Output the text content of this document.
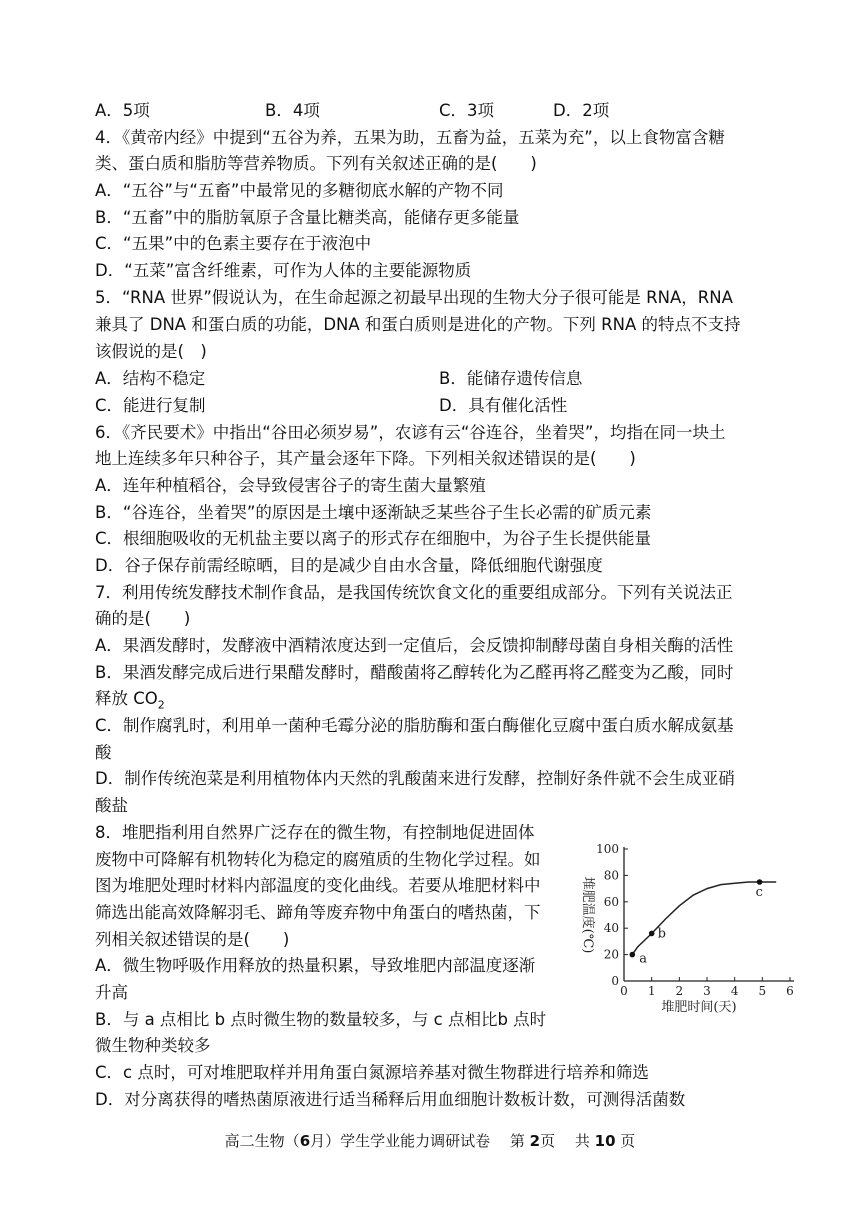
A．5项	B．4项	C．3项	D．2项
4．《黄帝内经》中提到“五谷为养，五果为助，五畜为益，五菜为充”，以上食物富含糖
类、蛋白质和脂肪等营养物质。下列有关叙述正确的是(　　)
A．“五谷”与“五畜”中最常见的多糖彻底水解的产物不同
B．“五畜”中的脂肪氧原子含量比糖类高，能储存更多能量
C．“五果”中的色素主要存在于液泡中
D．“五菜”富含纤维素，可作为人体的主要能源物质
5．“RNA 世界”假说认为，在生命起源之初最早出现的生物大分子很可能是 RNA，RNA
兼具了 DNA 和蛋白质的功能，DNA 和蛋白质则是进化的产物。下列 RNA 的特点不支持
该假说的是(　)
A．结构不稳定	B．能储存遗传信息
C．能进行复制	D．具有催化活性
6．《齐民要术》中指出“谷田必须岁易”，农谚有云“谷连谷，坐着哭”，均指在同一块土
地上连续多年只种谷子，其产量会逐年下降。下列相关叙述错误的是(　　)
A．连年种植稻谷，会导致侵害谷子的寄生菌大量繁殖
B．“谷连谷，坐着哭”的原因是土壤中逐渐缺乏某些谷子生长必需的矿质元素
C．根细胞吸收的无机盐主要以离子的形式存在细胞中，为谷子生长提供能量
D．谷子保存前需经晾晒，目的是减少自由水含量，降低细胞代谢强度
7．利用传统发酵技术制作食品，是我国传统饮食文化的重要组成部分。下列有关说法正
确的是(　　)
A．果酒发酵时，发酵液中酒精浓度达到一定值后，会反馈抑制酵母菌自身相关酶的活性
B．果酒发酵完成后进行果醋发酵时，醋酸菌将乙醇转化为乙醛再将乙醛变为乙酸，同时
释放 $CO_2$
C．制作腐乳时，利用单一菌种毛霉分泌的脂肪酶和蛋白酶催化豆腐中蛋白质水解成氨基
酸
D．制作传统泡菜是利用植物体内天然的乳酸菌来进行发酵，控制好条件就不会生成亚硝
酸盐
8．堆肥指利用自然界广泛存在的微生物，有控制地促进固体
废物中可降解有机物转化为稳定的腐殖质的生物化学过程。如
图为堆肥处理时材料内部温度的变化曲线。若要从堆肥材料中
筛选出能高效降解羽毛、蹄角等废弃物中角蛋白的嗜热菌，下
列相关叙述错误的是(　　)
A．微生物呼吸作用释放的热量积累，导致堆肥内部温度逐渐
升高
B．与 a 点相比 b 点时微生物的数量较多，与 c 点相比b 点时
微生物种类较多
C．c 点时，可对堆肥取样并用角蛋白氮源培养基对微生物群进行培养和筛选
D．对分离获得的嗜热菌原液进行适当稀释后用血细胞计数板计数，可测得活菌数
0 1 2 3 4 5 6
0
20
40
60
80
100
堆肥时间(天)
堆肥温度(℃)
a
b
c
高二生物（6月）学生学业能力调研试卷　 第 2页　 共 10 页
